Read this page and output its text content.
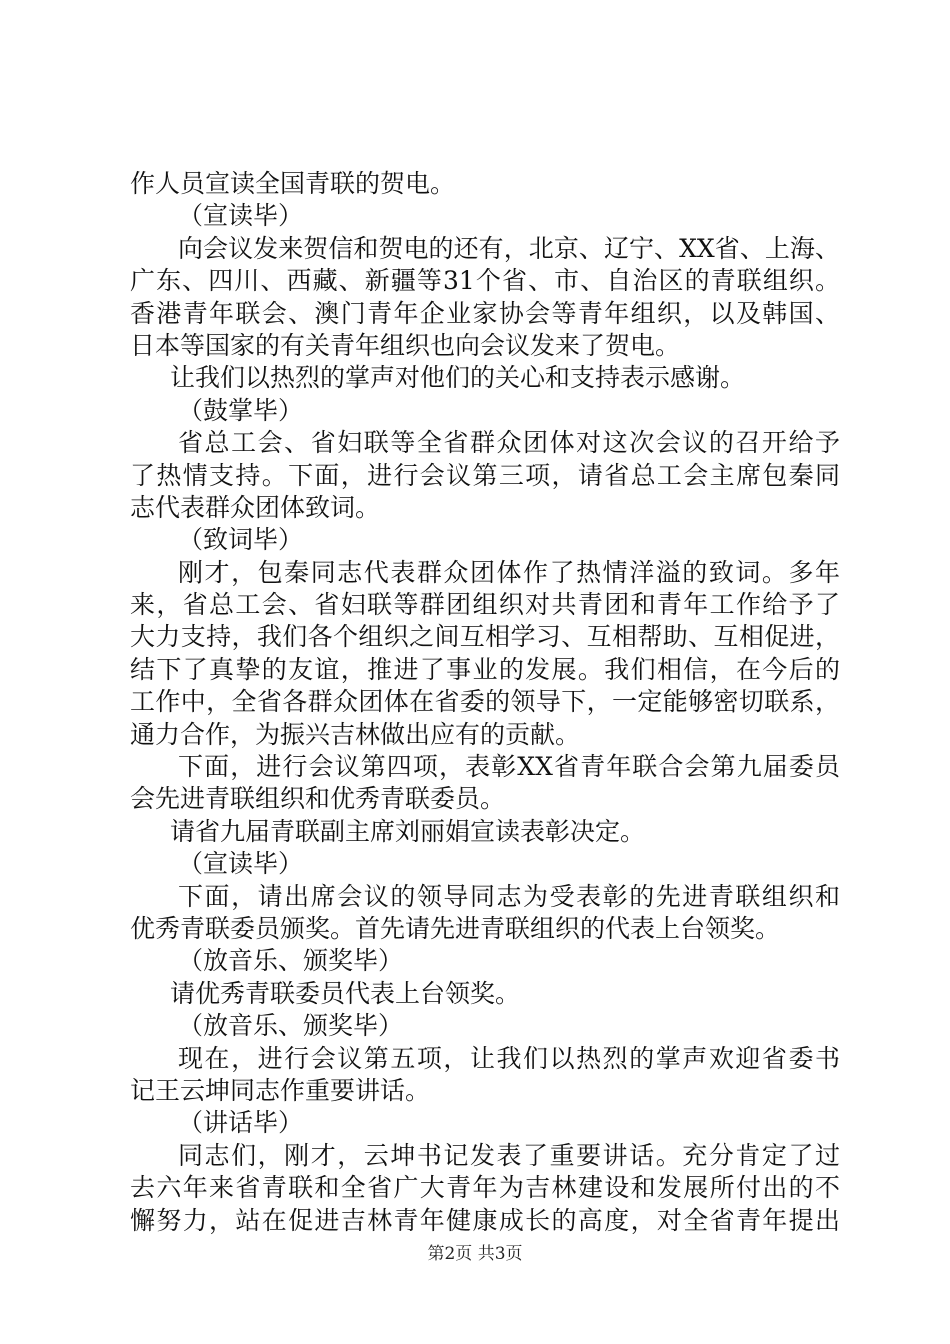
作人员宣读全国青联的贺电。
（宣读毕）
向会议发来贺信和贺电的还有，北京、辽宁、XX省、上海、
广东、四川、西藏、新疆等31个省、市、自治区的青联组织。
香港青年联会、澳门青年企业家协会等青年组织，以及韩国、
日本等国家的有关青年组织也向会议发来了贺电。
让我们以热烈的掌声对他们的关心和支持表示感谢。
（鼓掌毕）
省总工会、省妇联等全省群众团体对这次会议的召开给予
了热情支持。下面，进行会议第三项，请省总工会主席包秦同
志代表群众团体致词。
（致词毕）
刚才，包秦同志代表群众团体作了热情洋溢的致词。多年
来，省总工会、省妇联等群团组织对共青团和青年工作给予了
大力支持，我们各个组织之间互相学习、互相帮助、互相促进，
结下了真挚的友谊，推进了事业的发展。我们相信，在今后的
工作中，全省各群众团体在省委的领导下，一定能够密切联系，
通力合作，为振兴吉林做出应有的贡献。
下面，进行会议第四项，表彰XX省青年联合会第九届委员
会先进青联组织和优秀青联委员。
请省九届青联副主席刘丽娟宣读表彰决定。
（宣读毕）
下面，请出席会议的领导同志为受表彰的先进青联组织和
优秀青联委员颁奖。首先请先进青联组织的代表上台领奖。
（放音乐、颁奖毕）
请优秀青联委员代表上台领奖。
（放音乐、颁奖毕）
现在，进行会议第五项，让我们以热烈的掌声欢迎省委书
记王云坤同志作重要讲话。
（讲话毕）
同志们，刚才，云坤书记发表了重要讲话。充分肯定了过
去六年来省青联和全省广大青年为吉林建设和发展所付出的不
懈努力，站在促进吉林青年健康成长的高度，对全省青年提出
第2页 共3页
